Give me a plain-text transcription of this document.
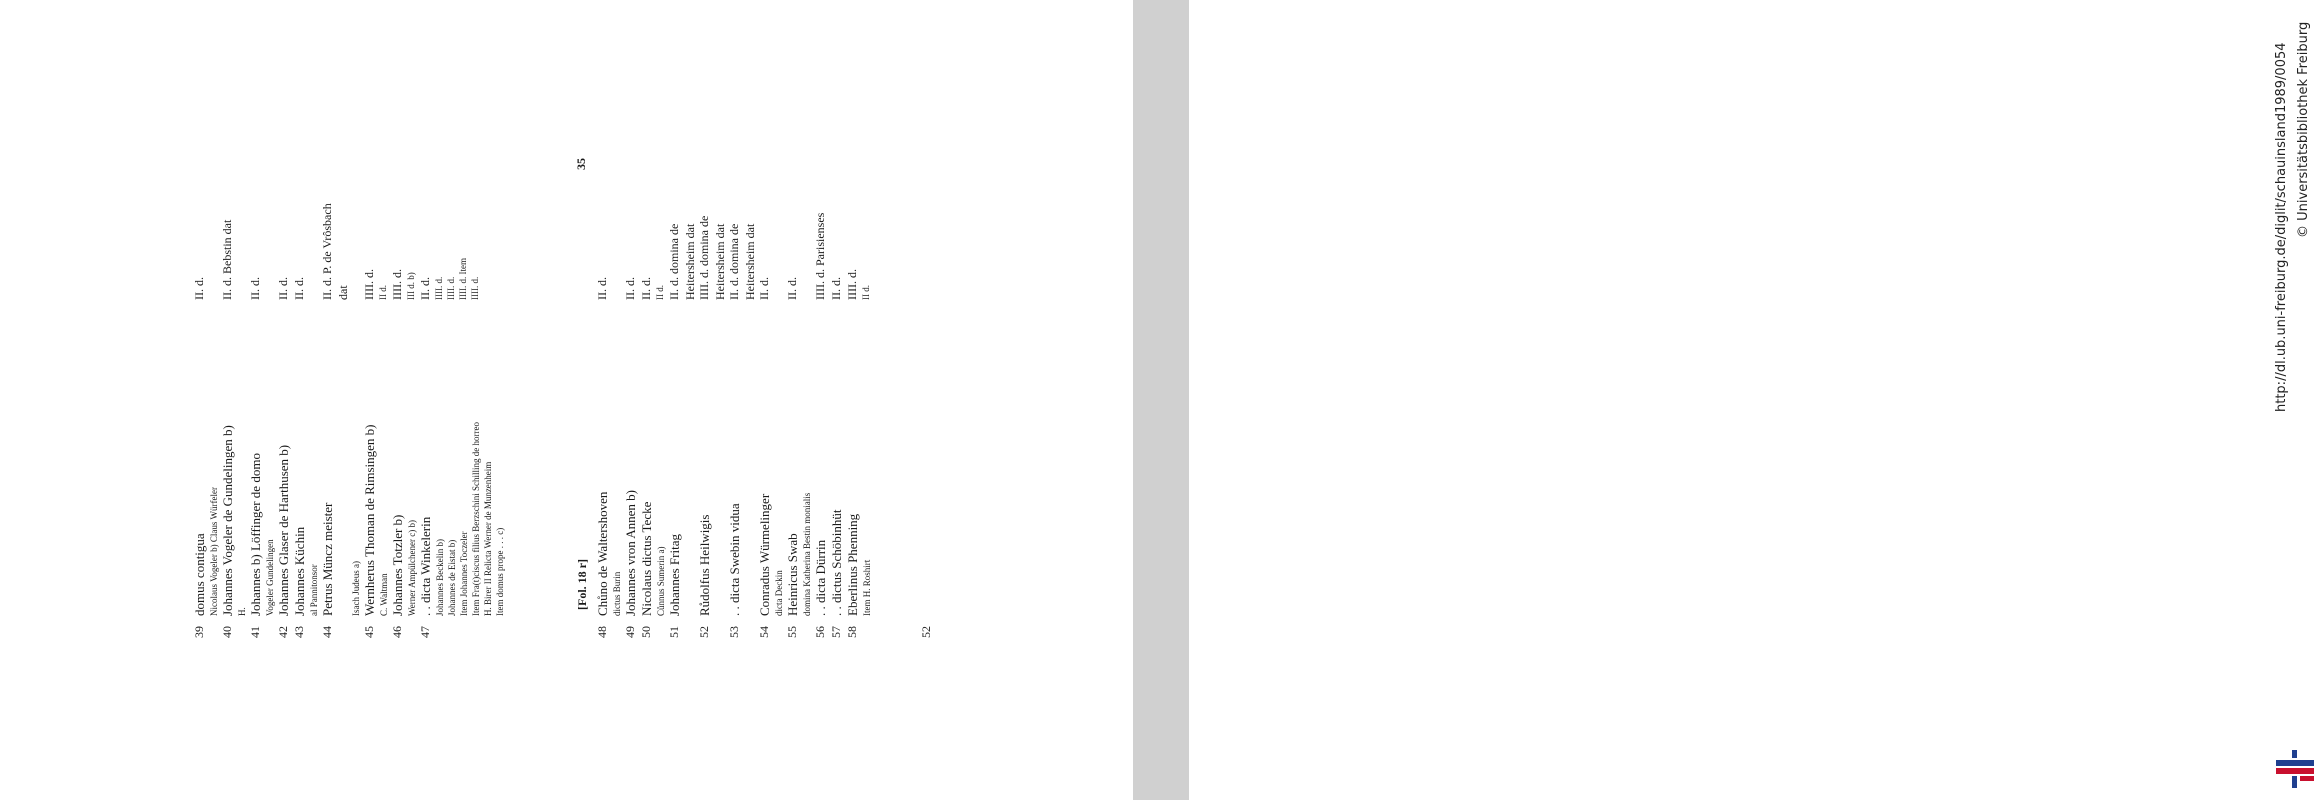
39
domus contigua
II. d.
Nicolaus Vogeler b) Claus Würfeler
40
Johannes Vogeler de Gundelingen b)
II. d. Bebstin dat
H.
41
Johannes b) Löffinger de domo
II. d.
Vogeler Gundelingen
42
Johannes Glaser de Harthusen b)
II. d.
43
Johannes Küchin
II. d.
al Pannitonsor
44
Petrus Müncz meister
II. d. P. de Vrôsbach dat
Isach Judeus a)
45
Wernherus Thoman de Rimsingen b)
IIII. d.
C. Waltman
II d.
46
Johannes Totzler b)
IIII. d.
Werner Ampülchener c) b)
III d. b)
47
. . dicta Winkelerin
II. d.
Johannes Beckelin b)
IIII. d.
Johannes de Eistat b)
IIII. d.
Item Johannes Toczeler
IIII. d. Item
Item Fra(t)ciscus filius Berzschini Schilling de horreo
IIII. d.
H. Birer II Relicta Werner de Munzenheim Item domus prope . . . c)
48
Chůno de Waltershoven
II. d.
dictus Burin
49
Johannes vron Annen b)
II. d.
50
Nicolaus dictus Tecke
II. d.
Cůnnus Sumerin a)
II d.
51
Johannes Fritag
II. d. domina de Heitersheim dat
52
Růdolfus Heilwigis
IIII. d. domina de Heitersheim dat
53
. . dicta Swebin vidua
II. d. domina de Heitersheim dat
54
Conradus Würmelinger
II. d.
dicta Deckin
55
Heinricus Swab
II. d.
domina Katherina Bestin monialis
56
. . dicta Dürrin
IIII. d. Parisienses
57
. . dictus Schöbinhüt
II. d.
58
Eberlinus Phenning
IIII. d.
Item H. Roshirt
II d.
35
[Fol. 18 r]
52
http://dl.ub.uni-freiburg.de/diglit/schauinsland1989/0054 © Universitätsbibliothek Freiburg
